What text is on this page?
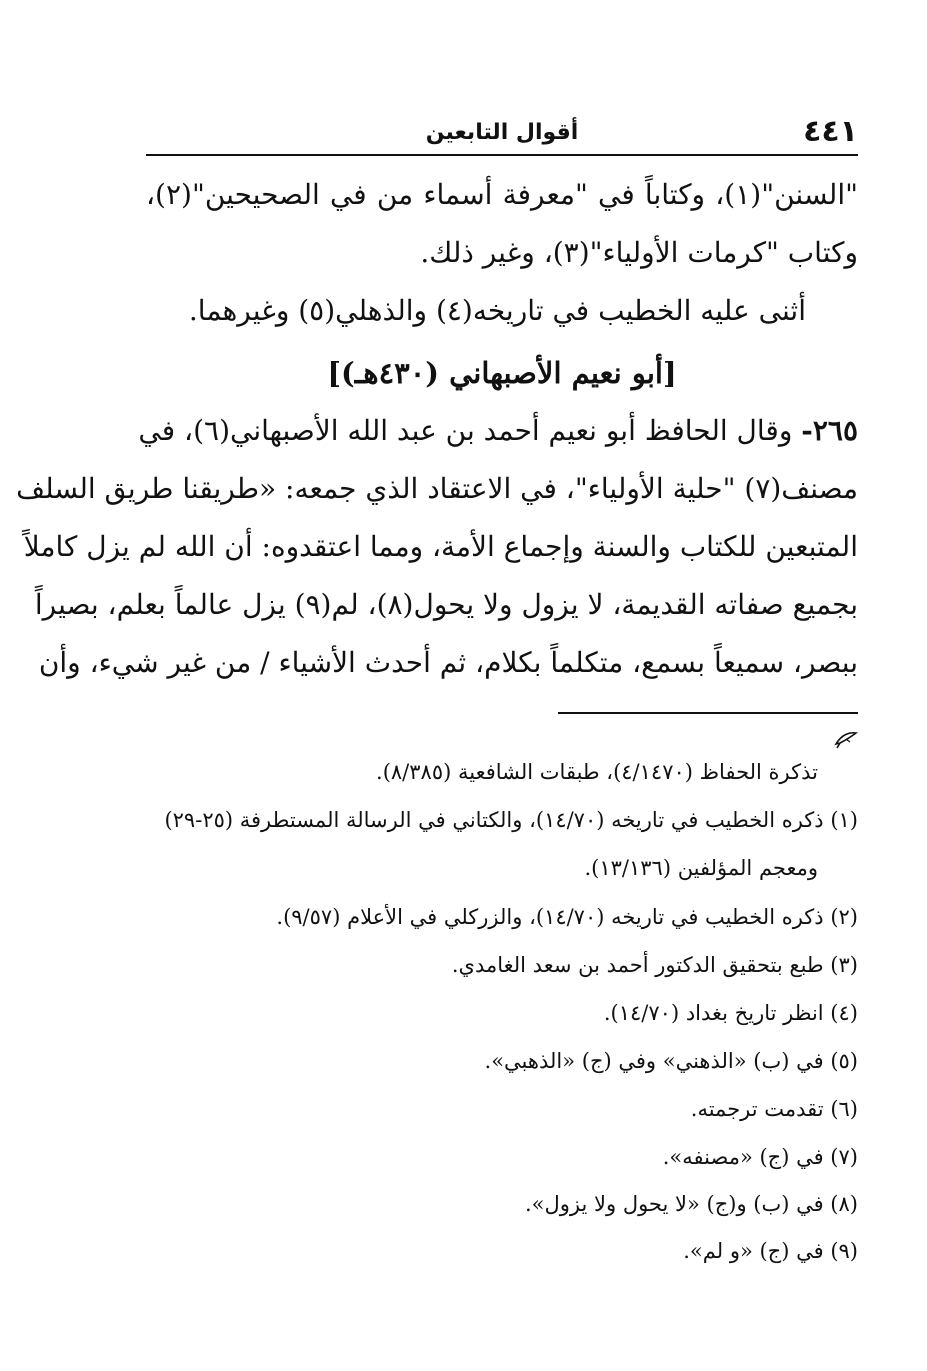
٤٤١
أقوال التابعين
"السنن"(١)، وكتاباً في "معرفة أسماء من في الصحيحين"(٢)،
وكتاب "كرمات الأولياء"(٣)، وغير ذلك.
أثنى عليه الخطيب في تاريخه(٤) والذهلي(٥) وغيرهما.
[أبو نعيم الأصبهاني (٤٣٠هـ)]
٢٦٥- وقال الحافظ أبو نعيم أحمد بن عبد الله الأصبهاني(٦)، في
مصنف(٧) "حلية الأولياء"، في الاعتقاد الذي جمعه: «طريقنا طريق السلف
المتبعين للكتاب والسنة وإجماع الأمة، ومما اعتقدوه: أن الله لم يزل كاملاً
بجميع صفاته القديمة، لا يزول ولا يحول(٨)، لم(٩) يزل عالماً بعلم، بصيراً
ببصر، سميعاً بسمع، متكلماً بكلام، ثم أحدث الأشياء / من غير شيء، وأن
تذكرة الحفاظ (٤/١٤٧٠)، طبقات الشافعية (٨/٣٨٥).
(١) ذكره الخطيب في تاريخه (١٤/٧٠)، والكتاني في الرسالة المستطرفة (٢٥-٢٩)
ومعجم المؤلفين (١٣/١٣٦).
(٢) ذكره الخطيب في تاريخه (١٤/٧٠)، والزركلي في الأعلام (٩/٥٧).
(٣) طبع بتحقيق الدكتور أحمد بن سعد الغامدي.
(٤) انظر تاريخ بغداد (١٤/٧٠).
(٥) في (ب) «الذهني» وفي (ج) «الذهبي».
(٦) تقدمت ترجمته.
(٧) في (ج) «مصنفه».
(٨) في (ب) و(ج) «لا يحول ولا يزول».
(٩) في (ج) «و لم».
